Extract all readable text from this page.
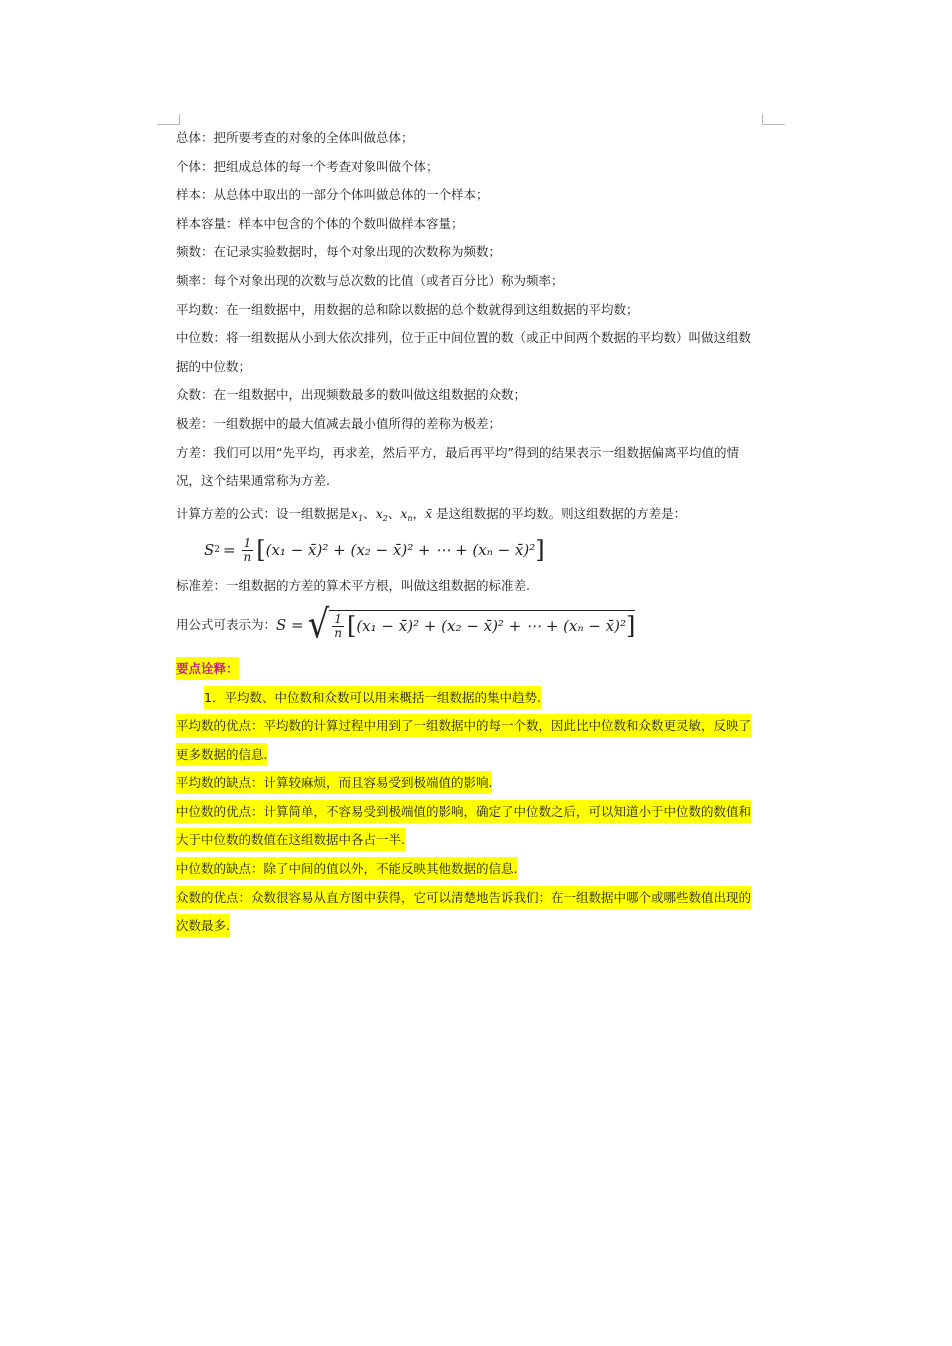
总体：把所要考查的对象的全体叫做总体；
个体：把组成总体的每一个考查对象叫做个体；
样本：从总体中取出的一部分个体叫做总体的一个样本；
样本容量：样本中包含的个体的个数叫做样本容量；
频数：在记录实验数据时，每个对象出现的次数称为频数；
频率：每个对象出现的次数与总次数的比值（或者百分比）称为频率；
平均数：在一组数据中，用数据的总和除以数据的总个数就得到这组数据的平均数；
中位数：将一组数据从小到大依次排列，位于正中间位置的数（或正中间两个数据的平均数）叫做这组数
据的中位数；
众数：在一组数据中，出现频数最多的数叫做这组数据的众数；
极差：一组数据中的最大值减去最小值所得的差称为极差；
方差：我们可以用“先平均，再求差，然后平方，最后再平均”得到的结果表示一组数据偏离平均值的情
况，这个结果通常称为方差.
计算方差的公式：设一组数据是$x_1$、$x_2$、$x_n$，x̄ 是这组数据的平均数。则这组数据的方差是：
S $2 = \frac{1}{n}$ [ (x₁ − x̄)² + (x₂ − x̄)² + ⋯ + (xₙ − x̄)² ]
标准差：一组数据的方差的算术平方根，叫做这组数据的标准差.
用公式可表示为： S = √ $\frac{1}{n}$ [ (x₁ − x̄)² + (x₂ − x̄)² + ⋯ + (xₙ − x̄)² ]
要点诠释：
1．平均数、中位数和众数可以用来概括一组数据的集中趋势.
平均数的优点：平均数的计算过程中用到了一组数据中的每一个数，因此比中位数和众数更灵敏，反映了
更多数据的信息.
平均数的缺点：计算较麻烦，而且容易受到极端值的影响.
中位数的优点：计算简单，不容易受到极端值的影响，确定了中位数之后，可以知道小于中位数的数值和
大于中位数的数值在这组数据中各占一半.
中位数的缺点：除了中间的值以外，不能反映其他数据的信息.
众数的优点：众数很容易从直方图中获得，它可以清楚地告诉我们：在一组数据中哪个或哪些数值出现的
次数最多.
